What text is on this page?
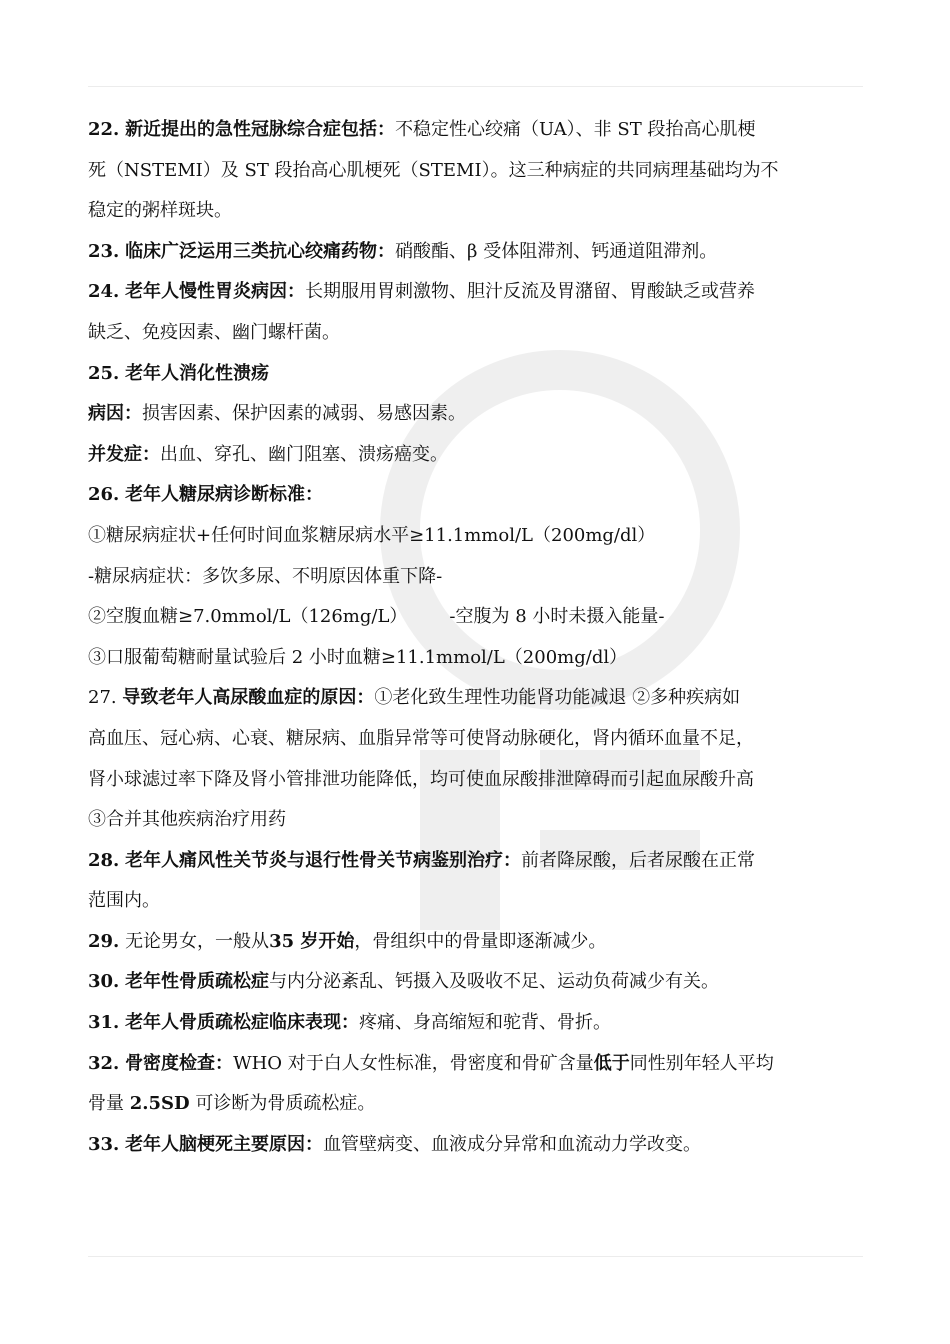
22. 新近提出的急性冠脉综合症包括：不稳定性心绞痛（UA）、非 ST 段抬高心肌梗
死（NSTEMI）及 ST 段抬高心肌梗死（STEMI）。这三种病症的共同病理基础均为不
稳定的粥样斑块。
23. 临床广泛运用三类抗心绞痛药物：硝酸酯、β 受体阻滞剂、钙通道阻滞剂。
24. 老年人慢性胃炎病因：长期服用胃刺激物、胆汁反流及胃潴留、胃酸缺乏或营养
缺乏、免疫因素、幽门螺杆菌。
25. 老年人消化性溃疡
病因：损害因素、保护因素的减弱、易感因素。
并发症：出血、穿孔、幽门阻塞、溃疡癌变。
26. 老年人糖尿病诊断标准：
①糖尿病症状+任何时间血浆糖尿病水平≥11.1mmol/L（200mg/dl）
-糖尿病症状：多饮多尿、不明原因体重下降-
②空腹血糖≥7.0mmol/L（126mg/L） -空腹为 8 小时未摄入能量-
③口服葡萄糖耐量试验后 2 小时血糖≥11.1mmol/L（200mg/dl）
27. 导致老年人高尿酸血症的原因：①老化致生理性功能肾功能减退 ②多种疾病如
高血压、冠心病、心衰、糖尿病、血脂异常等可使肾动脉硬化，肾内循环血量不足，
肾小球滤过率下降及肾小管排泄功能降低，均可使血尿酸排泄障碍而引起血尿酸升高
③合并其他疾病治疗用药
28. 老年人痛风性关节炎与退行性骨关节病鉴别治疗：前者降尿酸，后者尿酸在正常
范围内。
29. 无论男女，一般从35 岁开始，骨组织中的骨量即逐渐减少。
30. 老年性骨质疏松症与内分泌紊乱、钙摄入及吸收不足、运动负荷减少有关。
31. 老年人骨质疏松症临床表现：疼痛、身高缩短和驼背、骨折。
32. 骨密度检查：WHO 对于白人女性标准，骨密度和骨矿含量低于同性别年轻人平均
骨量 2.5SD 可诊断为骨质疏松症。
33. 老年人脑梗死主要原因：血管壁病变、血液成分异常和血流动力学改变。
